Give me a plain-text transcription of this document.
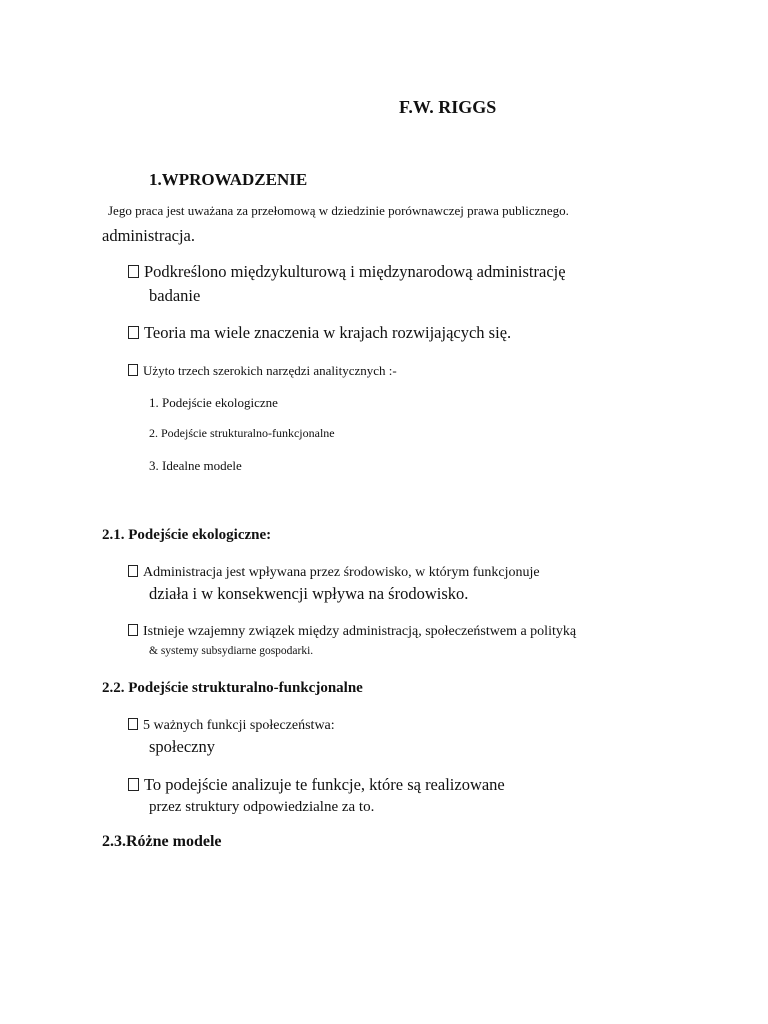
F.W. RIGGS
1.WPROWADZENIE
Jego praca jest uważana za przełomową w dziedzinie porównawczej prawa publicznego.
administracja.
Podkreślono międzykulturową i międzynarodową administrację
badanie
Teoria ma wiele znaczenia w krajach rozwijających się.
Użyto trzech szerokich narzędzi analitycznych :-
1. Podejście ekologiczne
2. Podejście strukturalno-funkcjonalne
3. Idealne modele
2.1. Podejście ekologiczne:
Administracja jest wpływana przez środowisko, w którym funkcjonuje
działa i w konsekwencji wpływa na środowisko.
Istnieje wzajemny związek między administracją, społeczeństwem a polityką
& systemy subsydiarne gospodarki.
2.2. Podejście strukturalno-funkcjonalne
5 ważnych funkcji społeczeństwa:
społeczny
To podejście analizuje te funkcje, które są realizowane
przez struktury odpowiedzialne za to.
2.3.Różne modele
